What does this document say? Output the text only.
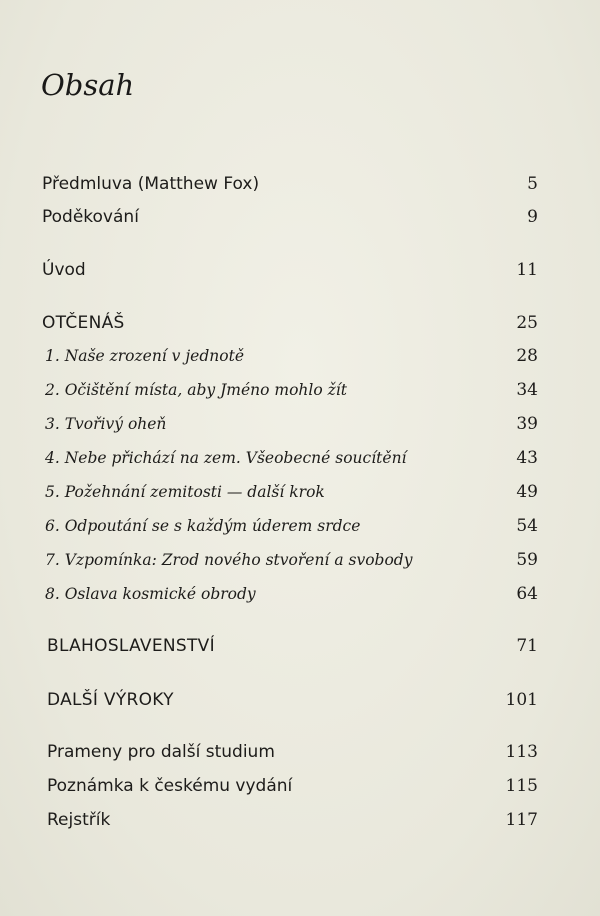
Obsah
Předmluva (Matthew Fox)	5
Poděkování	9
Úvod	11
OTČENÁŠ	25
1. Naše zrození v jednotě	28
2. Očištění místa, aby Jméno mohlo žít	34
3. Tvořivý oheň	39
4. Nebe přichází na zem. Všeobecné soucítění	43
5. Požehnání zemitosti — další krok	49
6. Odpoutání se s každým úderem srdce	54
7. Vzpomínka: Zrod nového stvoření a svobody	59
8. Oslava kosmické obrody	64
BLAHOSLAVENSTVÍ	71
DALŠÍ VÝROKY	101
Prameny pro další studium	113
Poznámka k českému vydání	115
Rejstřík	117
